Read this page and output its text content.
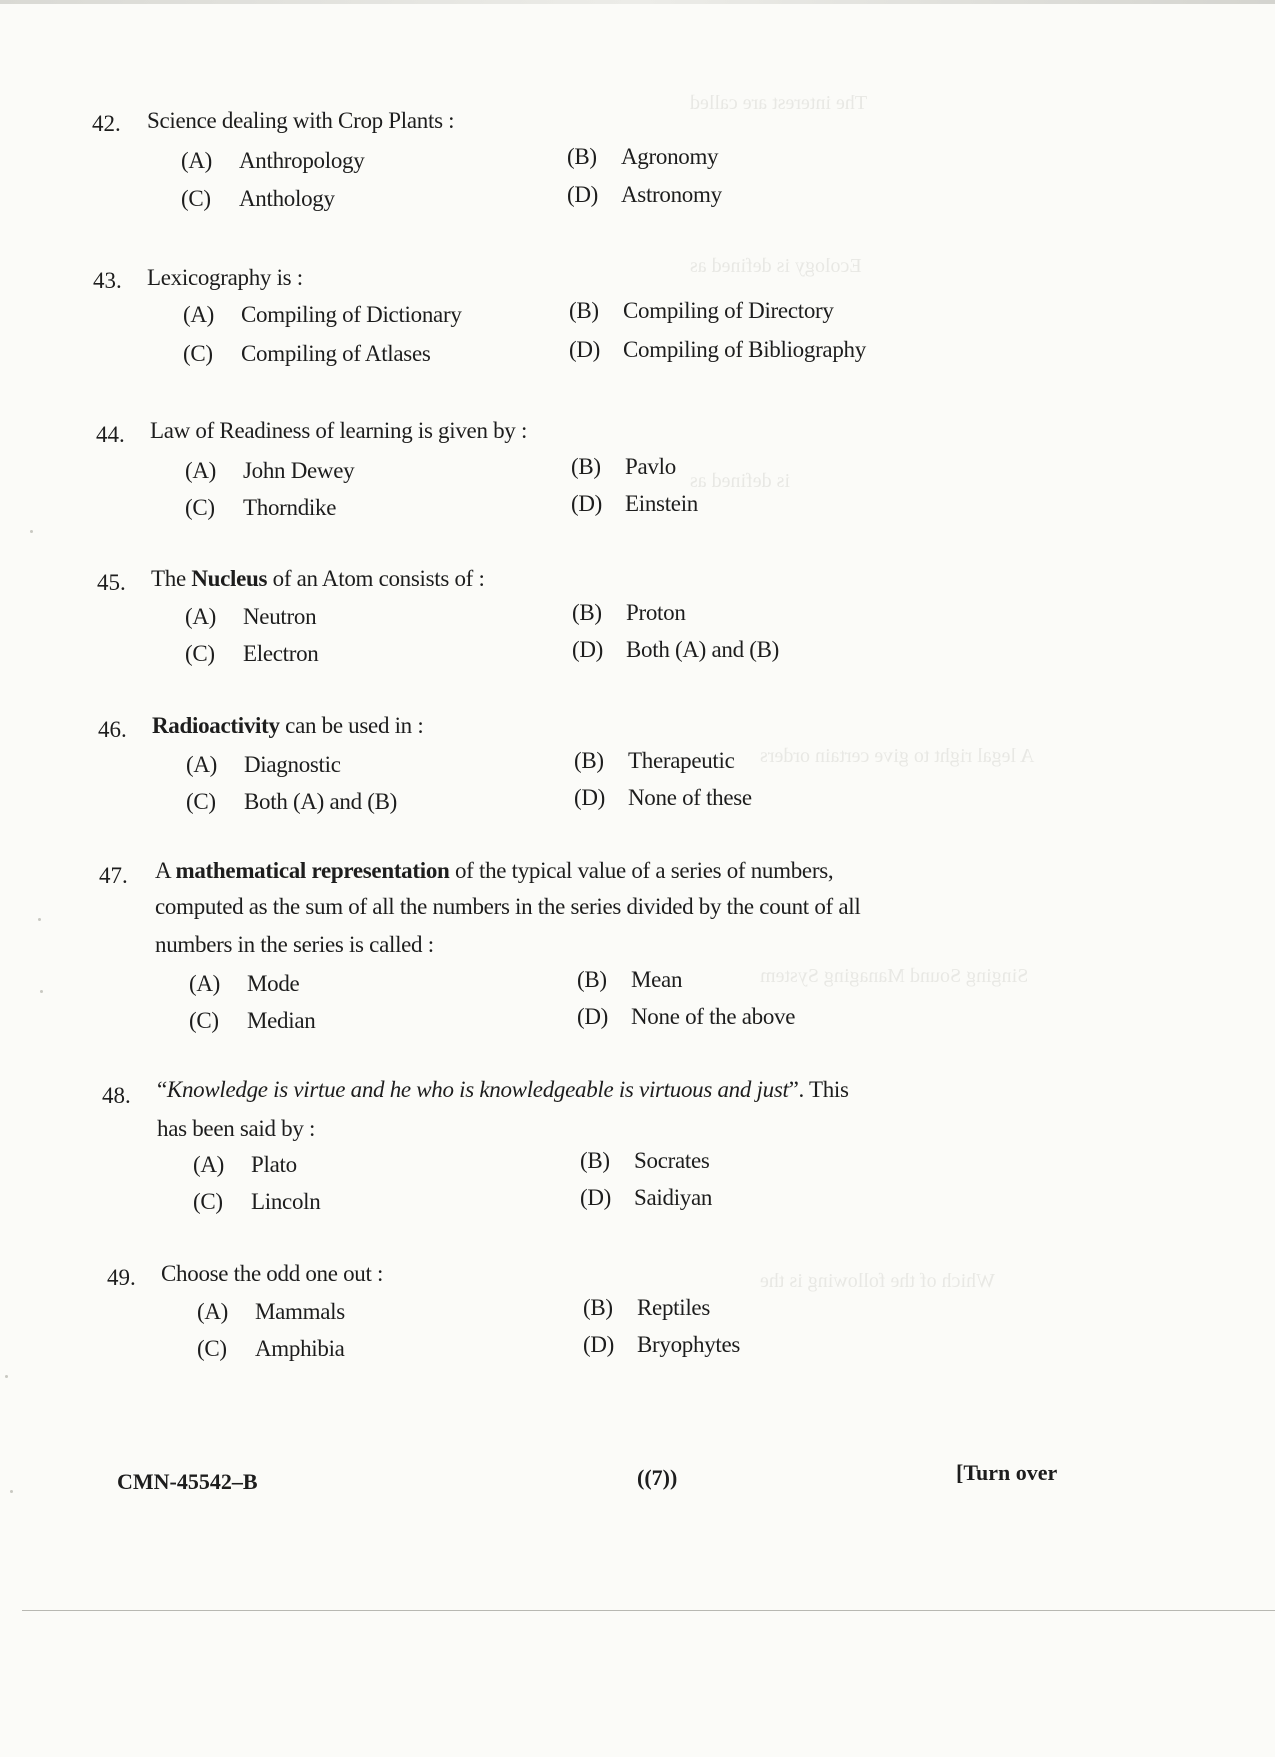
The interest are called
Ecology is defined as
is defined as
A legal right to give certain orders
Singing Sound Managing System
Which of the following is the
42. Science dealing with Crop Plants :
(A) Anthropology	(B) Agronomy
(C) Anthology	(D) Astronomy
43. Lexicography is :
(A) Compiling of Dictionary	(B) Compiling of Directory
(C) Compiling of Atlases	(D) Compiling of Bibliography
44. Law of Readiness of learning is given by :
(A) John Dewey	(B) Pavlo
(C) Thorndike	(D) Einstein
45. The Nucleus of an Atom consists of :
(A) Neutron	(B) Proton
(C) Electron	(D) Both (A) and (B)
46. Radioactivity can be used in :
(A) Diagnostic	(B) Therapeutic
(C) Both (A) and (B)	(D) None of these
47. A mathematical representation of the typical value of a series of numbers,
computed as the sum of all the numbers in the series divided by the count of all
numbers in the series is called :
(A) Mode	(B) Mean
(C) Median	(D) None of the above
48. “Knowledge is virtue and he who is knowledgeable is virtuous and just”. This
has been said by :
(A) Plato	(B) Socrates
(C) Lincoln	(D) Saidiyan
49. Choose the odd one out :
(A) Mammals	(B) Reptiles
(C) Amphibia	(D) Bryophytes
CMN-45542–B	((7))	[Turn over
